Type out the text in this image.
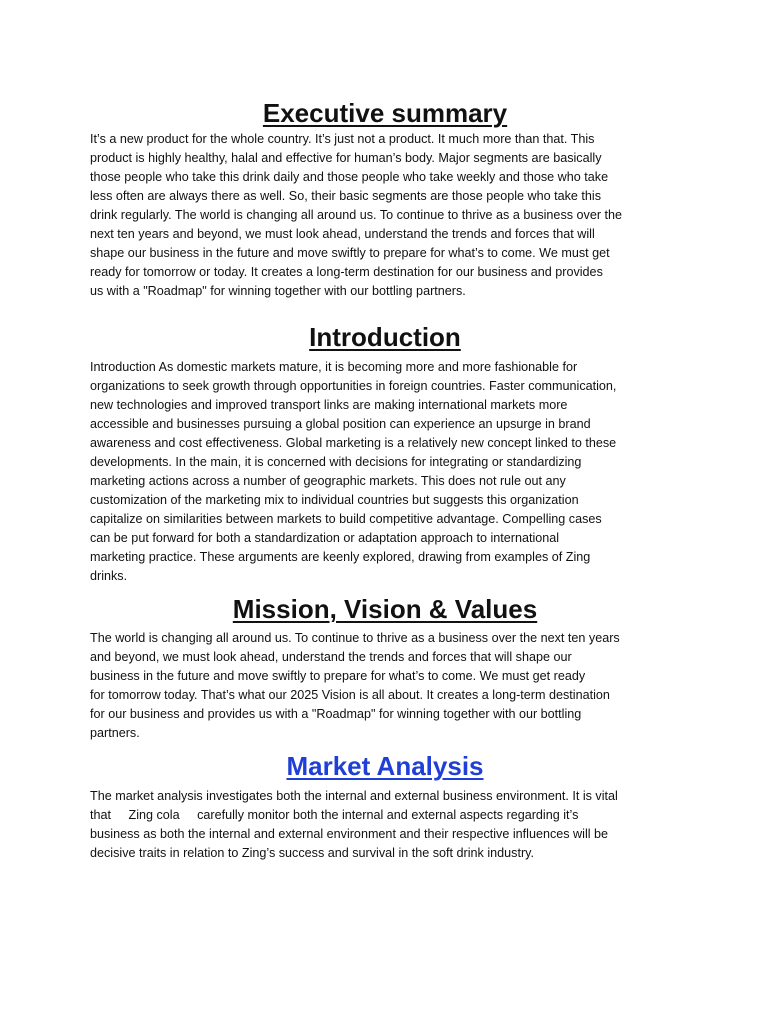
Executive summary
It’s a new product for the whole country. It’s just not a product. It much more than that. This
product is highly healthy, halal and effective for human’s body. Major segments are basically
those people who take this drink daily and those people who take weekly and those who take
less often are always there as well. So, their basic segments are those people who take this
drink regularly. The world is changing all around us. To continue to thrive as a business over the
next ten years and beyond, we must look ahead, understand the trends and forces that will
shape our business in the future and move swiftly to prepare for what’s to come. We must get
ready for tomorrow or today. It creates a long-term destination for our business and provides
us with a "Roadmap" for winning together with our bottling partners.
Introduction
Introduction As domestic markets mature, it is becoming more and more fashionable for
organizations to seek growth through opportunities in foreign countries. Faster communication,
new technologies and improved transport links are making international markets more
accessible and businesses pursuing a global position can experience an upsurge in brand
awareness and cost effectiveness. Global marketing is a relatively new concept linked to these
developments. In the main, it is concerned with decisions for integrating or standardizing
marketing actions across a number of geographic markets. This does not rule out any
customization of the marketing mix to individual countries but suggests this organization
capitalize on similarities between markets to build competitive advantage. Compelling cases
can be put forward for both a standardization or adaptation approach to international
marketing practice. These arguments are keenly explored, drawing from examples of Zing
drinks.
Mission, Vision & Values
The world is changing all around us. To continue to thrive as a business over the next ten years
and beyond, we must look ahead, understand the trends and forces that will shape our
business in the future and move swiftly to prepare for what’s to come. We must get ready
for tomorrow today. That’s what our 2025 Vision is all about. It creates a long-term destination
for our business and provides us with a "Roadmap" for winning together with our bottling
partners.
Market Analysis
The market analysis investigates both the internal and external business environment. It is vital
that     Zing cola     carefully monitor both the internal and external aspects regarding it’s
business as both the internal and external environment and their respective influences will be
decisive traits in relation to Zing’s success and survival in the soft drink industry.
